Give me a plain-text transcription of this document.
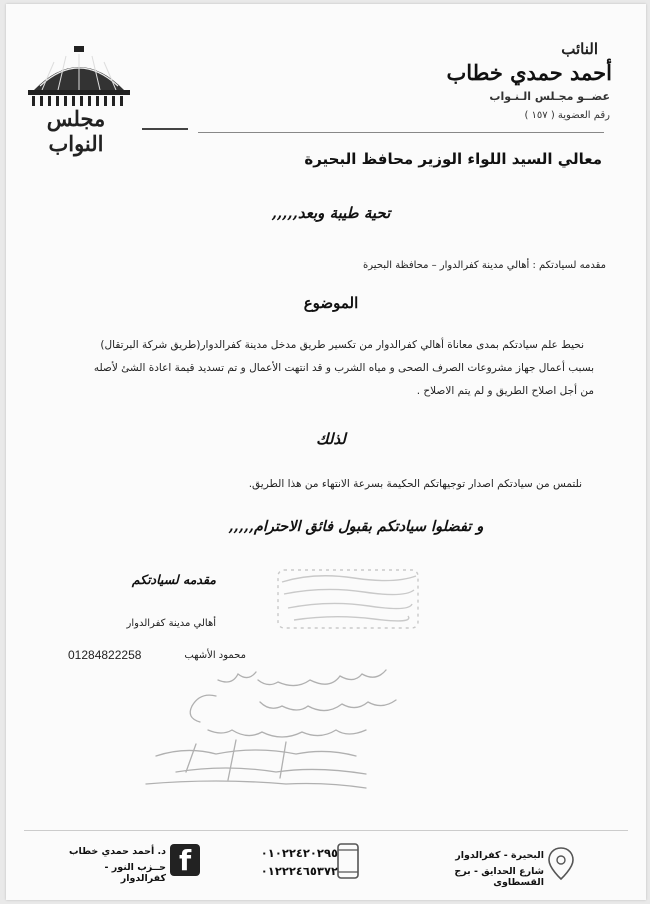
مجلس النواب
النائب
أحمد حمدي خطاب
عضــو مجـلس الـنـواب
رقم العضوية ( ١٥٧ )
معالي السيد اللواء الوزير محافظ البحيرة
تحية طيبة وبعد,,,,,
مقدمه لسيادتكم : أهالي مدينة كفرالدوار – محافظة البحيرة
الموضوع
نحيط علم سيادتكم بمدى معاناة أهالي كفرالدوار من تكسير طريق مدخل مدينة كفرالدوار(طريق شركة البرتقال)
بسبب أعمال جهاز مشروعات الصرف الصحى و مياه الشرب و قد انتهت الأعمال و تم تسديد قيمة اعادة الشئ لأصله
من أجل اصلاح الطريق و لم يتم الاصلاح .
لذلك
نلتمس من سيادتكم اصدار توجيهاتكم الحكيمة بسرعة الانتهاء من هذا الطريق.
و تفضلوا سيادتكم بقبول فائق الاحترام,,,,,
مقدمه لسيادتكم
أهالي مدينة كفرالدوار
محمود الأشهب
01284822258
د. أحمد حمدي خطاب
حــزب النور - كفرالدوار
f	٠١٠٢٢٤٢٠٢٩٥
٠١٢٢٢٤٦٥٣٧٢
البحيرة - كفرالدوار
شارع الحدايق - برج القسطاوى
